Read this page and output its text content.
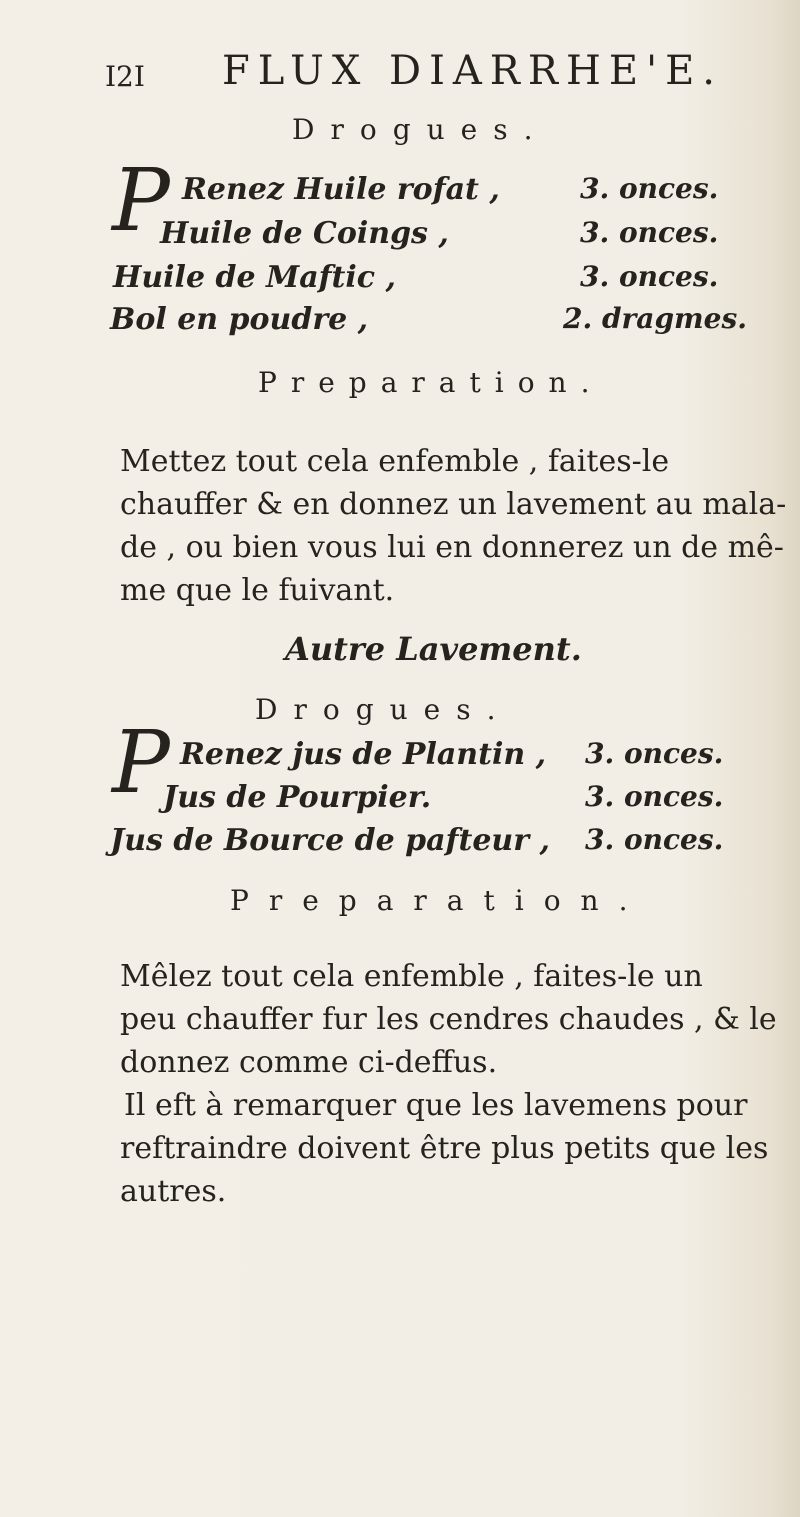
I2I FLUX DIARRHE'E.
Drogues.
P Renez Huile rofat ,
Huile de Coings ,
Huile de Maftic ,
Bol en poudre ,
3. onces.
3. onces.
3. onces.
2. dragmes.
Preparation.

Mettez tout cela enfemble , faites-le

chauffer & en donnez un lavement au mala-

de , ou bien vous lui en donnerez un de mê-

me que le fuivant.

Autre Lavement.
Drogues.
P Renez jus de Plantin ,
Jus de Pourpier.
Jus de Bource de pafteur ,
3. onces.
3. onces.
3. onces.
Preparation.

Mêlez tout cela enfemble , faites-le un

peu chauffer fur les cendres chaudes , & le

donnez comme ci-deffus.

Il eft à remarquer que les lavemens pour

reftraindre doivent être plus petits que les

autres.
